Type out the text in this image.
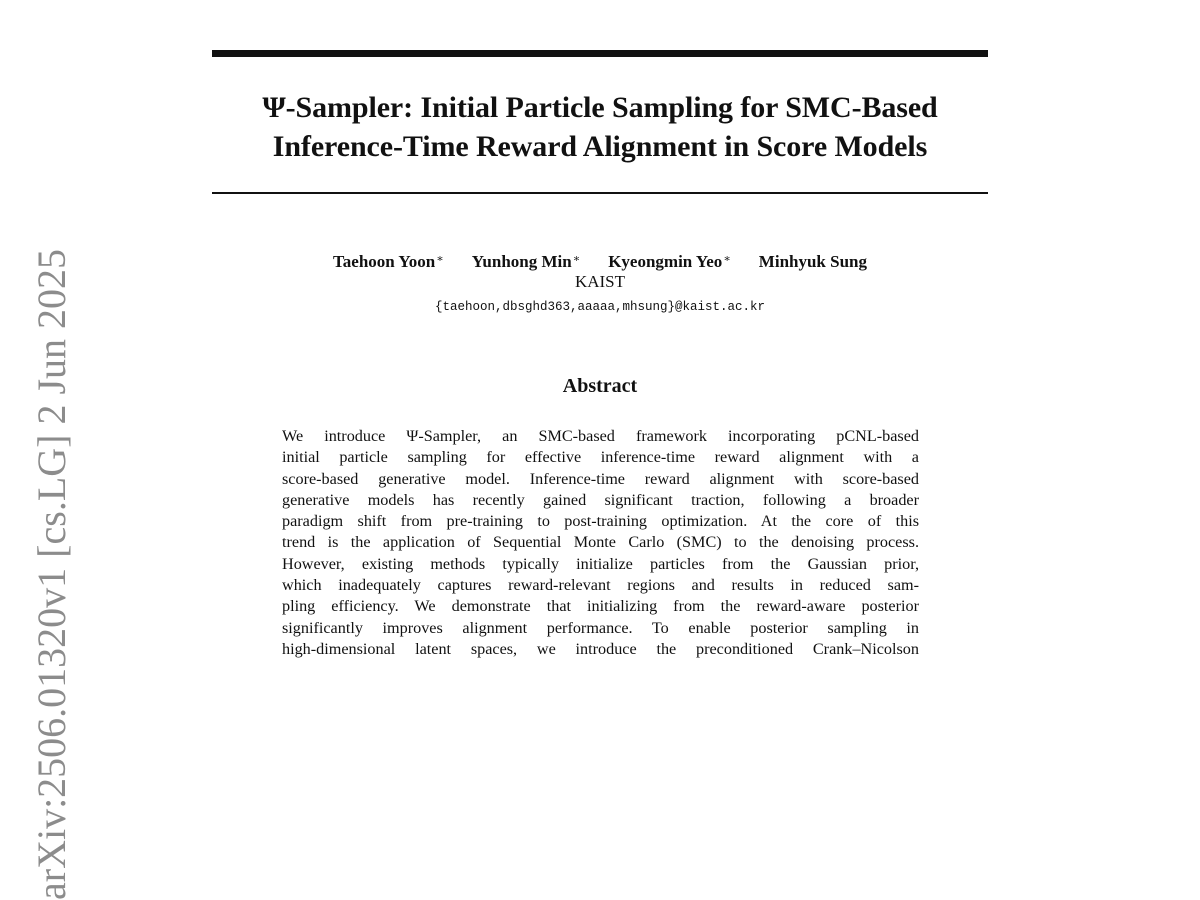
arXiv:2506.01320v1 [cs.LG] 2 Jun 2025
Ψ-Sampler: Initial Particle Sampling for SMC-Based
Inference-Time Reward Alignment in Score Models
Taehoon Yoon∗ Yunhong Min∗ Kyeongmin Yeo∗ Minhyuk Sung
KAIST
{taehoon,dbsghd363,aaaaa,mhsung}@kaist.ac.kr
Abstract
We introduce Ψ-Sampler, an SMC-based framework incorporating pCNL-based
initial particle sampling for effective inference-time reward alignment with a
score-based generative model. Inference-time reward alignment with score-based
generative models has recently gained significant traction, following a broader
paradigm shift from pre-training to post-training optimization. At the core of this
trend is the application of Sequential Monte Carlo (SMC) to the denoising process.
However, existing methods typically initialize particles from the Gaussian prior,
which inadequately captures reward-relevant regions and results in reduced sam-
pling efficiency. We demonstrate that initializing from the reward-aware posterior
significantly improves alignment performance. To enable posterior sampling in
high-dimensional latent spaces, we introduce the preconditioned Crank–Nicolson
